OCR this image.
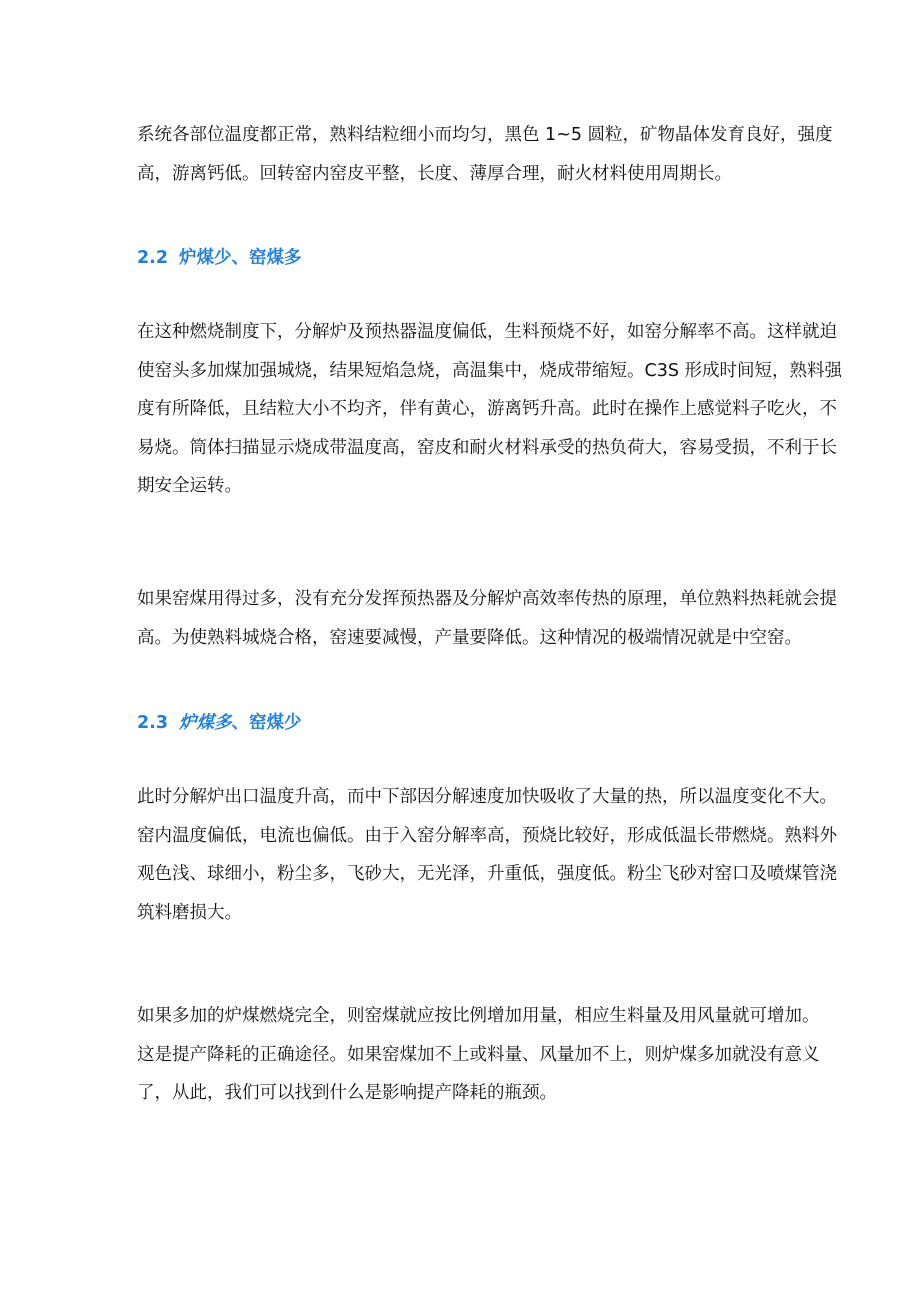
系统各部位温度都正常，熟料结粒细小而均匀，黑色 1~5 圆粒，矿物晶体发育良好，强度
高，游离钙低。回转窑内窑皮平整，长度、薄厚合理，耐火材料使用周期长。
2.2 炉煤少、窑煤多
在这种燃烧制度下，分解炉及预热器温度偏低，生料预烧不好，如窑分解率不高。这样就迫
使窑头多加煤加强城烧，结果短焰急烧，高温集中，烧成带缩短。C3S 形成时间短，熟料强
度有所降低，且结粒大小不均齐，伴有黄心，游离钙升高。此时在操作上感觉料子吃火，不
易烧。筒体扫描显示烧成带温度高，窑皮和耐火材料承受的热负荷大，容易受损，不利于长
期安全运转。
如果窑煤用得过多，没有充分发挥预热器及分解炉高效率传热的原理，单位熟料热耗就会提
高。为使熟料城烧合格，窑速要减慢，产量要降低。这种情况的极端情况就是中空窑。
2.3 炉煤多、窑煤少
此时分解炉出口温度升高，而中下部因分解速度加快吸收了大量的热，所以温度变化不大。
窑内温度偏低，电流也偏低。由于入窑分解率高，预烧比较好，形成低温长带燃烧。熟料外
观色浅、球细小，粉尘多，飞砂大，无光泽，升重低，强度低。粉尘飞砂对窑口及喷煤管浇
筑料磨损大。
如果多加的炉煤燃烧完全，则窑煤就应按比例增加用量，相应生料量及用风量就可增加。
这是提产降耗的正确途径。如果窑煤加不上或料量、风量加不上，则炉煤多加就没有意义
了，从此，我们可以找到什么是影响提产降耗的瓶颈。
